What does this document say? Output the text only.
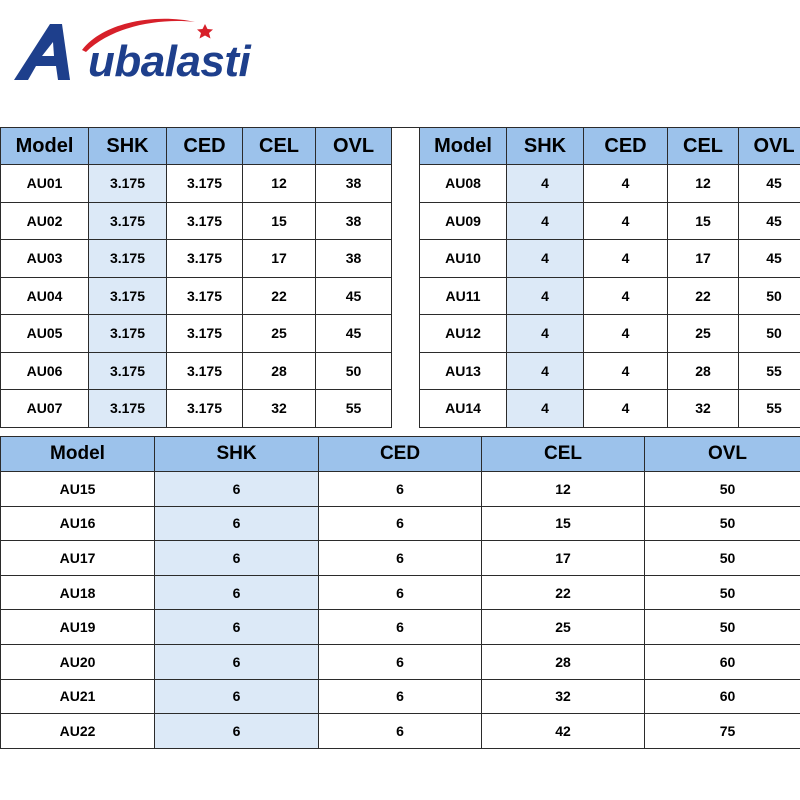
ubalasti
Model	SHK	CED	CEL	OVL
AU01	3.175	3.175	12	38
AU02	3.175	3.175	15	38
AU03	3.175	3.175	17	38
AU04	3.175	3.175	22	45
AU05	3.175	3.175	25	45
AU06	3.175	3.175	28	50
AU07	3.175	3.175	32	55
Model	SHK	CED	CEL	OVL
AU08	4	4	12	45
AU09	4	4	15	45
AU10	4	4	17	45
AU11	4	4	22	50
AU12	4	4	25	50
AU13	4	4	28	55
AU14	4	4	32	55
Model	SHK	CED	CEL	OVL
AU15	6	6	12	50
AU16	6	6	15	50
AU17	6	6	17	50
AU18	6	6	22	50
AU19	6	6	25	50
AU20	6	6	28	60
AU21	6	6	32	60
AU22	6	6	42	75
